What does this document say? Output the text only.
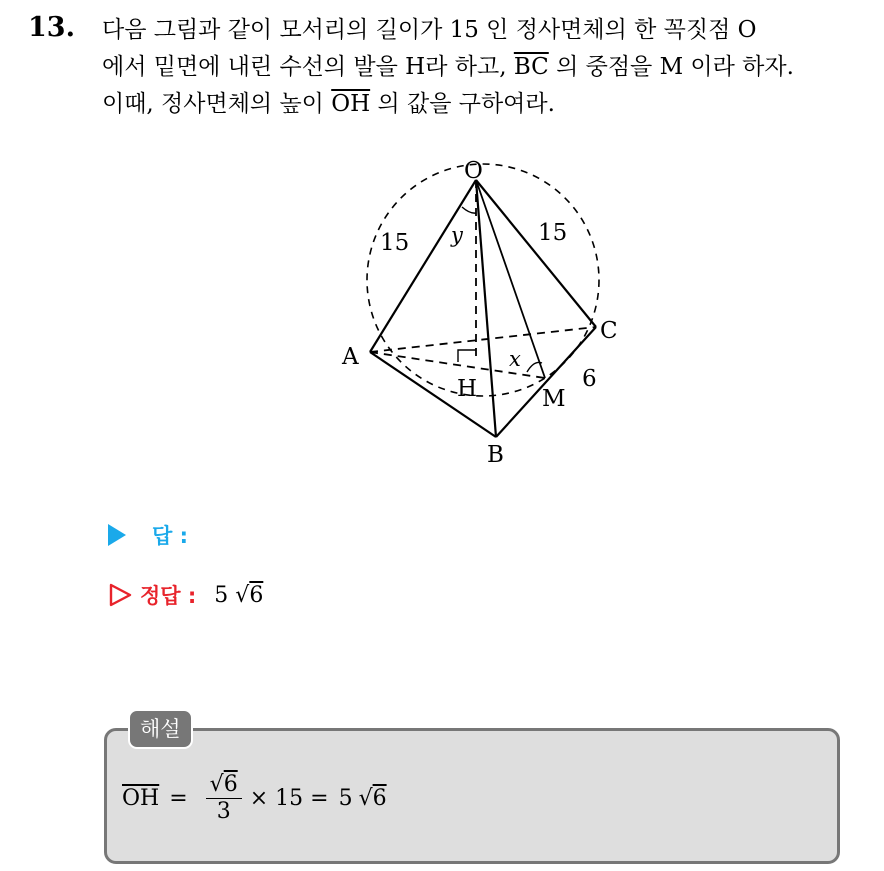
13. 다음 그림과 같이 모서리의 길이가 15 인 정사면체의 한 꼭짓점 O
에서 밑면에 내린 수선의 발을 H라 하고, $\overline{BC}$ 의 중점을 M 이라 하자.
이때, 정사면체의 높이 $\overline{OH}$ 의 값을 구하여라.
O
A
B
C
H	M
15	15
6
y
x
답 :
정답 : 5 √6
해설
$\overline{OH} = \frac{√6}{3} \times 15 = 5$ √ 6
